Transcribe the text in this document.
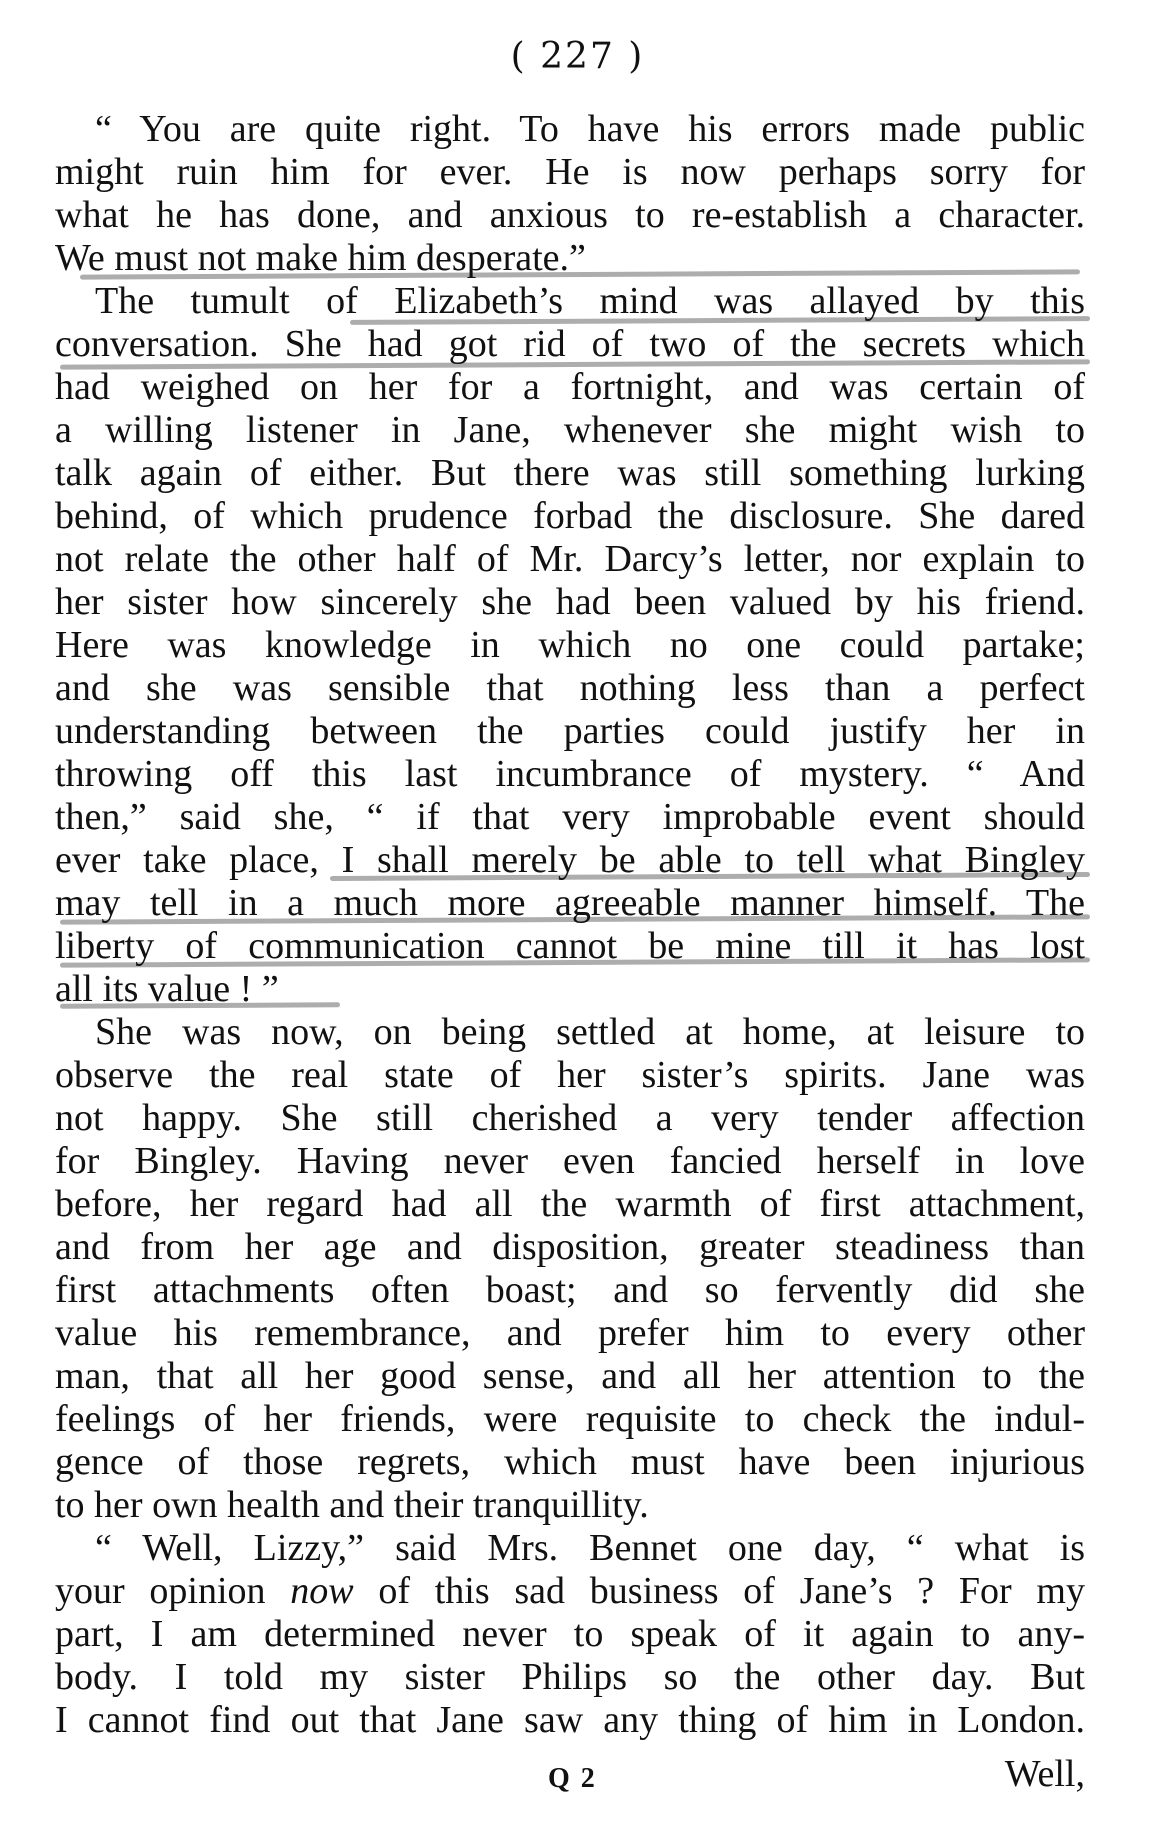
( 227 )
“ You are quite right. To have his errors made public
might ruin him for ever. He is now perhaps sorry for
what he has done, and anxious to re-establish a character.
We must not make him desperate.”
The tumult of Elizabeth’s mind was allayed by this
conversation. She had got rid of two of the secrets which
had weighed on her for a fortnight, and was certain of
a willing listener in Jane, whenever she might wish to
talk again of either. But there was still something lurking
behind, of which prudence forbad the disclosure. She dared
not relate the other half of Mr. Darcy’s letter, nor explain to
her sister how sincerely she had been valued by his friend.
Here was knowledge in which no one could partake;
and she was sensible that nothing less than a perfect
understanding between the parties could justify her in
throwing off this last incumbrance of mystery. “ And
then,” said she, “ if that very improbable event should
ever take place, I shall merely be able to tell what Bingley
may tell in a much more agreeable manner himself. The
liberty of communication cannot be mine till it has lost
all its value ! ”
She was now, on being settled at home, at leisure to
observe the real state of her sister’s spirits. Jane was
not happy. She still cherished a very tender affection
for Bingley. Having never even fancied herself in love
before, her regard had all the warmth of first attachment,
and from her age and disposition, greater steadiness than
first attachments often boast; and so fervently did she
value his remembrance, and prefer him to every other
man, that all her good sense, and all her attention to the
feelings of her friends, were requisite to check the indul-
gence of those regrets, which must have been injurious
to her own health and their tranquillity.
“ Well, Lizzy,” said Mrs. Bennet one day, “ what is
your opinion now of this sad business of Jane’s ? For my
part, I am determined never to speak of it again to any-
body. I told my sister Philips so the other day. But
I cannot find out that Jane saw any thing of him in London.
Q 2	Well,
